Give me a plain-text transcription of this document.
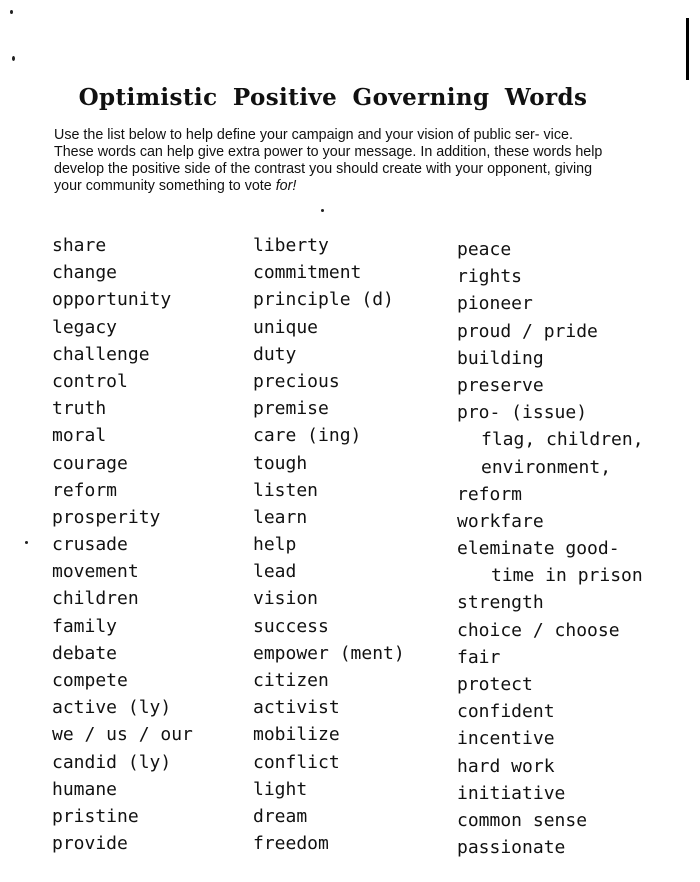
Optimistic Positive Governing Words

Use the list below to help define your campaign and your vision of public ser- vice. These words can help give extra power to your message. In addition, these words help develop the positive side of the contrast you should create with your opponent, giving your community something to vote for!

share
change
opportunity
legacy
challenge
control
truth
moral
courage
reform
prosperity
crusade
movement
children
family
debate
compete
active (ly)
we / us / our
candid (ly)
humane
pristine
provide
liberty
commitment
principle (d)
unique
duty
precious
premise
care (ing)
tough
listen
learn
help
lead
vision
success
empower (ment)
citizen
activist
mobilize
conflict
light
dream
freedom
peace
rights
pioneer
proud / pride
building
preserve
pro- (issue)
flag, children,
environment,
reform
workfare
eleminate good-
time in prison
strength
choice / choose
fair
protect
confident
incentive
hard work
initiative
common sense
passionate
